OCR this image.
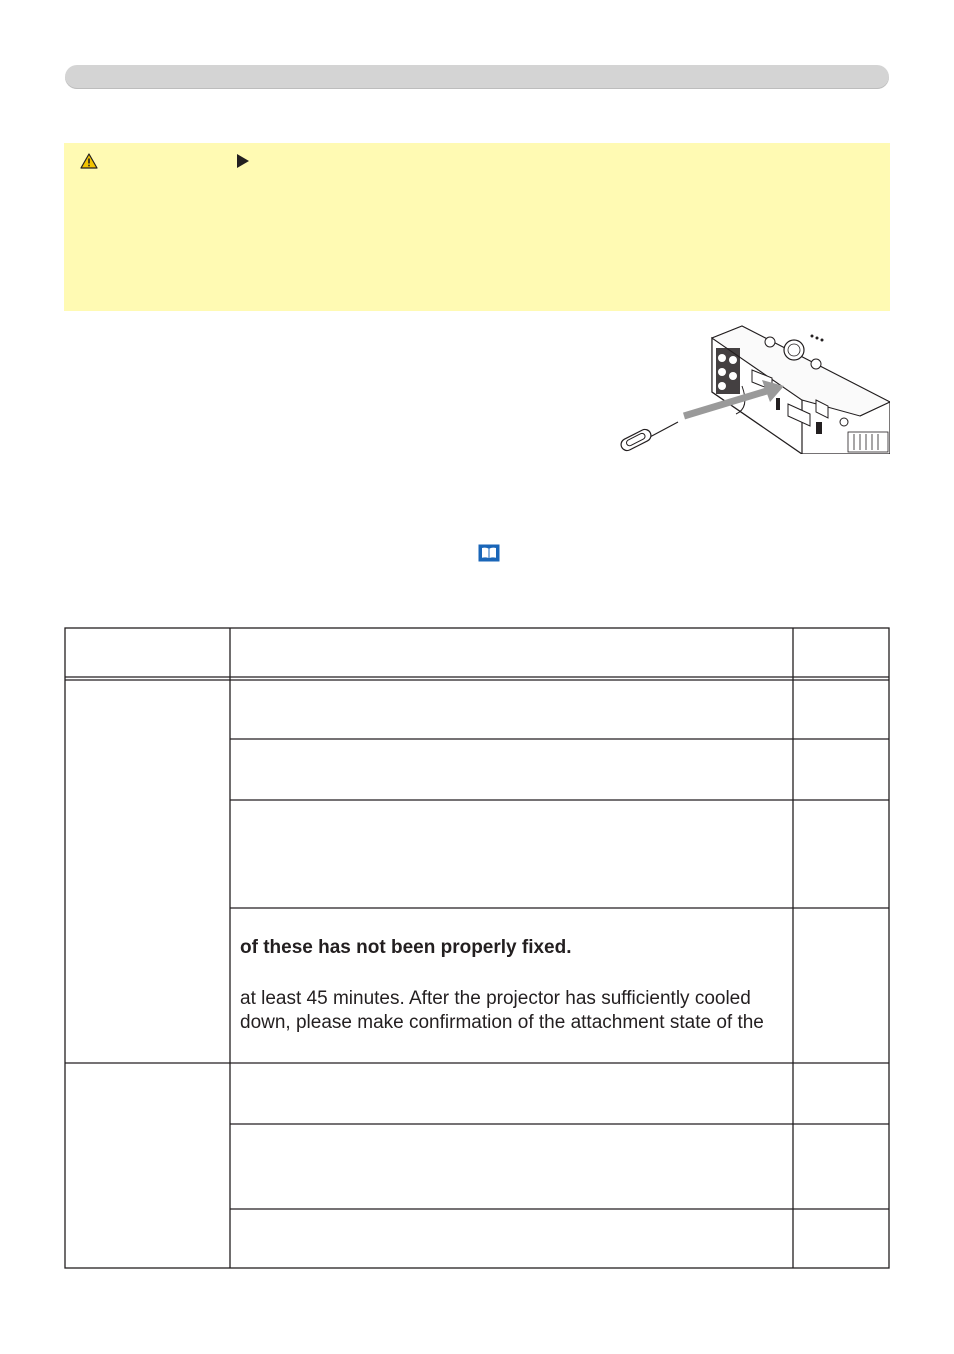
of these has not been properly fixed.
at least 45 minutes. After the projector has sufficiently cooled
down, please make confirmation of the attachment state of the
